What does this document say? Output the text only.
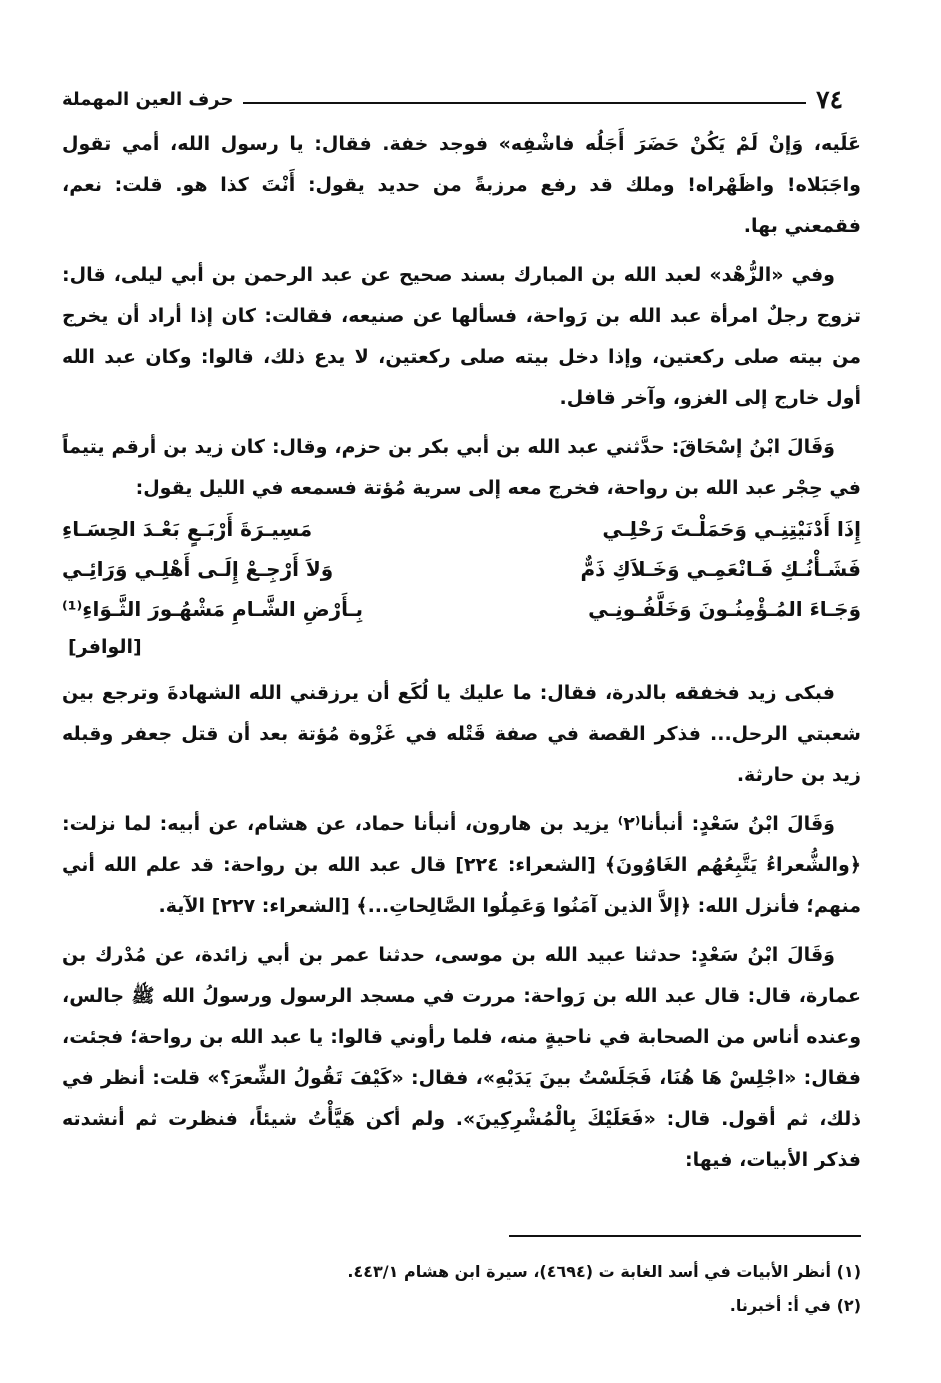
٧٤
حرف العين المهملة

عَلَيه، وَإنْ لَمْ يَكُنْ حَضَرَ أَجَلُه فاشْفِه» فوجد خفة. فقال: يا رسول الله، أمي تقول واجَبَلاه! واظَهْراه! وملك قد رفع مرزبةً من حديد يقول: أَنْتَ كذا هو. قلت: نعم، فقمعني بها.

وفي «الزُّهْد» لعبد الله بن المبارك بسند صحيح عن عبد الرحمن بن أبي ليلى، قال: تزوج رجلٌ امرأة عبد الله بن رَواحة، فسألها عن صنيعه، فقالت: كان إذا أراد أن يخرج من بيته صلى ركعتين، وإذا دخل بيته صلى ركعتين، لا يدع ذلك، قالوا: وكان عبد الله أول خارج إلى الغزو، وآخر قافل.

وَقَالَ ابْنُ إسْحَاقَ: حدَّثني عبد الله بن أبي بكر بن حزم، وقال: كان زيد بن أرقم يتيماً في حِجْر عبد الله بن رواحة، فخرج معه إلى سرية مُؤتة فسمعه في الليل يقول:

إِذَا أَدْنَيْتِنِـي وَحَمَلْـتَ رَحْلِـي
مَسِيـرَةَ أَرْبَـعٍ بَعْـدَ الحِسَـاءِ
فَشَـأْنُـكِ فَـانْعَمِـي وَخَـلاَكِ ذَمٌّ
وَلاَ أَرْجِـعْ إِلَـى أَهْلِـي وَرَائِـي
وَجَـاءَ المُـؤْمِنُـونَ وَخَلَّفُـونِـي
بِـأَرْضِ الشَّـامِ مَشْهُـورَ الثَّـوَاءِ⁽¹⁾
[الوافر]

فبكى زيد فخفقه بالدرة، فقال: ما عليك يا لُكَع أن يرزقني الله الشهادةَ وترجع بين شعبتي الرحل... فذكر القصة في صفة قَتْله في غَزْوة مُؤتة بعد أن قتل جعفر وقبله زيد بن حارثة.

وَقَالَ ابْنُ سَعْدٍ: أنبأنا⁽٢⁾ يزيد بن هارون، أنبأنا حماد، عن هشام، عن أبيه: لما نزلت: ﴿والشُّعراءُ يَتَّبِعُهُم الغَاوُونَ﴾ [الشعراء: ٢٢٤] قال عبد الله بن رواحة: قد علم الله أني منهم؛ فأنزل الله: ﴿إلاَّ الذين آمَنُوا وَعَمِلُوا الصَّالِحاتِ...﴾ [الشعراء: ٢٢٧] الآية.

وَقَالَ ابْنُ سَعْدٍ: حدثنا عبيد الله بن موسى، حدثنا عمر بن أبي زائدة، عن مُدْرك بن عمارة، قال: قال عبد الله بن رَواحة: مررت في مسجد الرسول ورسولُ الله ﷺ جالس، وعنده أناس من الصحابة في ناحيةٍ منه، فلما رأوني قالوا: يا عبد الله بن رواحة؛ فجئت، فقال: «اجْلِسْ هَا هُنَا، فَجَلَسْتُ بينَ يَدَيْهِ»، فقال: «كَيْفَ تَقُولُ الشِّعرَ؟» قلت: أنظر في ذلك، ثم أقول. قال: «فَعَلَيْكَ بِالْمُشْرِكِينَ». ولم أكن هَيَّأْتُ شيئاً، فنظرت ثم أنشدته فذكر الأبيات، فيها:

(١) أنظر الأبيات في أسد الغابة ت (٤٦٩٤)، سيرة ابن هشام ٤٤٣/١.
(٢) في أ: أخبرنا.
